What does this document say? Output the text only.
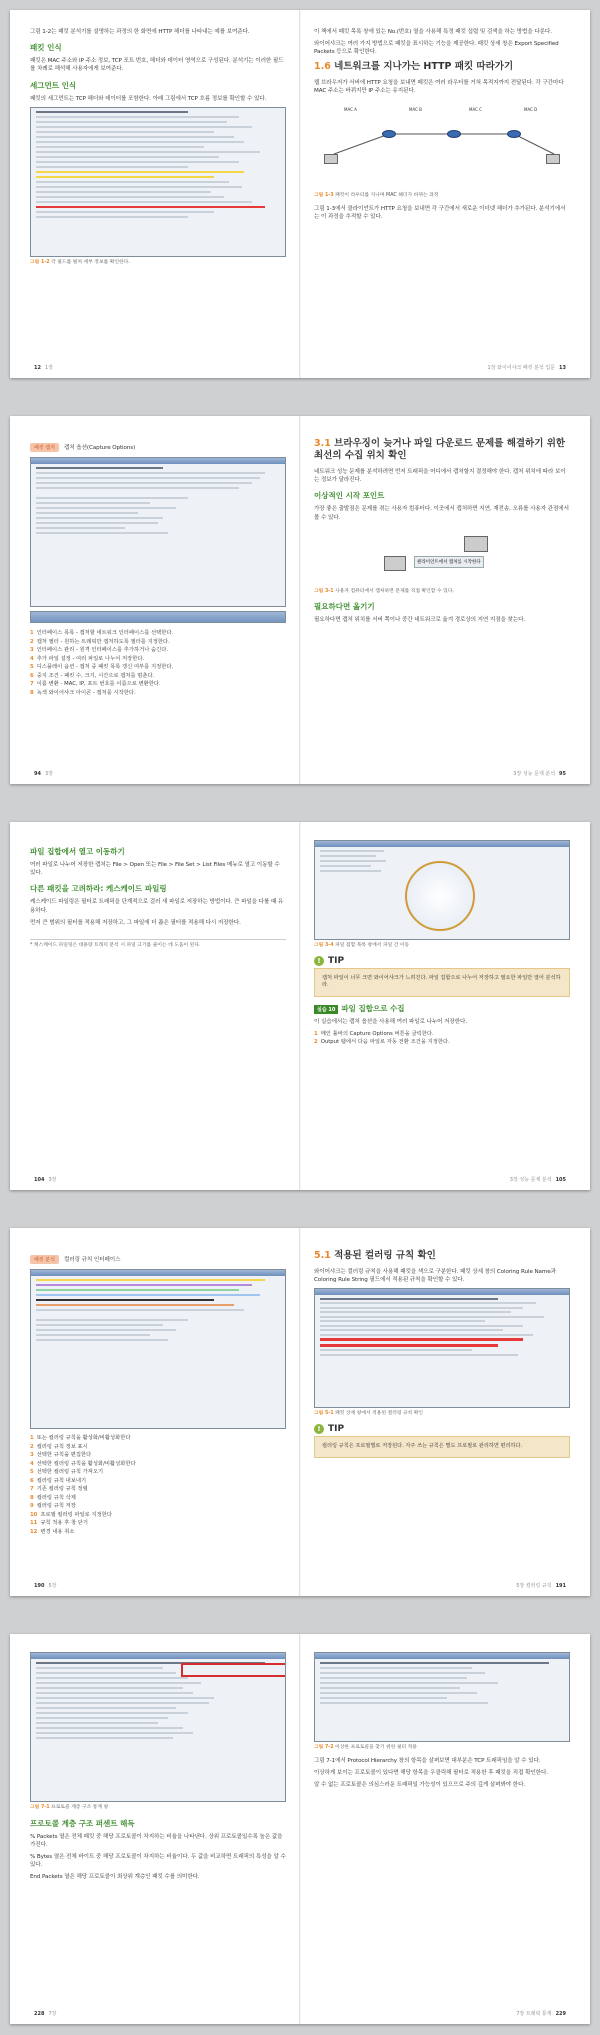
그림 1-2는 패킷 분석기를 설명하는 과정의 한 화면에 HTTP 헤더를 나타내는 예를 보여준다.
패킷 인식
패킷은 MAC 주소와 IP 주소 정보, TCP 포트 번호, 헤더와 데이터 영역으로 구성된다. 분석기는 이러한 필드를 차례로 해석해 사용자에게 보여준다.
세그먼트 인식
패킷의 세그먼트는 TCP 헤더와 데이터를 포함한다. 아래 그림에서 TCP 흐름 정보를 확인할 수 있다.
그림 1-2 각 필드를 펼쳐 세부 정보를 확인한다.
12 1장
이 책에서 패킷 목록 창에 있는 No.(번호) 열을 사용해 특정 패킷 섭렵 및 검색을 하는 방법을 다룬다.
와이어샤크는 여러 가지 방법으로 패킷을 표시하는 기능을 제공한다. 패킷 상세 창은 Export Specified Packets 등으로 확인한다.
1.6 네트워크를 지나가는 HTTP 패킷 따라가기
웹 브라우저가 서버에 HTTP 요청을 보내면 패킷은 여러 라우터를 거쳐 목적지까지 전달된다. 각 구간마다 MAC 주소는 바뀌지만 IP 주소는 유지된다.
MAC A	MAC B	MAC C	MAC D
그림 1-3 패킷이 라우터를 지나며 MAC 헤더가 바뀌는 과정
그림 1-3에서 클라이언트가 HTTP 요청을 보내면 각 구간에서 새로운 이더넷 헤더가 추가된다. 분석기에서는 이 과정을 추적할 수 있다.
1장 와이어샤크 패킷 분석 입문 13
패킷 캡처 캡처 옵션(Capture Options)
1 인터페이스 목록 - 캡처할 네트워크 인터페이스를 선택한다.
2 캡처 필터 - 원하는 트래픽만 캡처하도록 필터를 지정한다.
3 인터페이스 관리 - 원격 인터페이스를 추가하거나 숨긴다.
4 추가 파일 설정 - 여러 파일로 나누어 저장한다.
5 디스플레이 옵션 - 캡처 중 패킷 목록 갱신 여부를 지정한다.
6 중지 조건 - 패킷 수, 크기, 시간으로 캡처를 멈춘다.
7 이름 변환 - MAC, IP, 포트 번호를 이름으로 변환한다.
8 녹색 와이어샤크 아이콘 - 캡처를 시작한다.
94 3장
3.1 브라우징이 늦거나 파일 다운로드 문제를 해결하기 위한 최선의 수집 위치 확인
네트워크 성능 문제를 분석하려면 먼저 트래픽을 어디에서 캡처할지 결정해야 한다. 캡처 위치에 따라 보이는 정보가 달라진다.
이상적인 시작 포인트
가장 좋은 출발점은 문제를 겪는 사용자 컴퓨터다. 이곳에서 캡처하면 지연, 재전송, 오류를 사용자 관점에서 볼 수 있다.
클라이언트에서 캡처를 시작한다
그림 3-1 사용자 컴퓨터에서 캡처하면 문제를 직접 확인할 수 있다.
필요하다면 옮기기
필요하다면 캡처 위치를 서버 쪽이나 중간 네트워크로 옮겨 경로상의 지연 지점을 찾는다.
3장 성능 문제 분석 95
파일 집합에서 열고 이동하기
여러 파일로 나누어 저장한 캡처는 File > Open 또는 File > File Set > List Files 메뉴로 열고 이동할 수 있다.
다른 패킷을 고려하라: 케스케이드 파일링
케스케이드 파일링은 필터로 트래픽을 단계적으로 걸러 새 파일로 저장하는 방법이다. 큰 파일을 다룰 때 유용하다.
먼저 큰 범위의 필터를 적용해 저장하고, 그 파일에 더 좁은 필터를 적용해 다시 저장한다.
* 케스케이드 파일링은 대용량 트래픽 분석 시 파일 크기를 줄이는 데 도움이 된다.
104 3장
그림 3-4 파일 집합 목록 창에서 파일 간 이동
! TIP
캡처 파일이 너무 크면 와이어샤크가 느려진다. 파일 집합으로 나누어 저장하고 필요한 파일만 열어 분석하라.
실습 10 파일 집합으로 수집
이 실습에서는 캡처 옵션을 사용해 여러 파일로 나누어 저장한다.
1 메인 툴바의 Capture Options 버튼을 클릭한다.
2 Output 탭에서 다음 파일로 자동 전환 조건을 지정한다.
3장 성능 문제 분석 105
패킷 분석 컬러링 규칙 인터페이스
1 또는 컬러링 규칙을 활성화/비활성화한다
2 컬러링 규칙 정보 표시
3 선택한 규칙을 편집한다
4 선택한 컬러링 규칙을 활성화/비활성화한다
5 선택한 컬러링 규칙 가져오기
6 컬러링 규칙 내보내기
7 기존 컬러링 규칙 정렬
8 컬러링 규칙 삭제
9 컬러링 규칙 저장
10 프로필 컬러링 파일로 지정한다
11 규칙 적용 후 창 닫기
12 변경 내용 취소
190 5장
5.1 적용된 컬러링 규칙 확인
와이어샤크는 컬러링 규칙을 사용해 패킷을 색으로 구분한다. 패킷 상세 창의 Coloring Rule Name과 Coloring Rule String 필드에서 적용된 규칙을 확인할 수 있다.
그림 5-1 패킷 상세 창에서 적용된 컬러링 규칙 확인
! TIP
컬러링 규칙은 프로필별로 저장된다. 자주 쓰는 규칙은 별도 프로필로 관리하면 편리하다.
5장 컬러링 규칙 191
그림 7-1 프로토콜 계층 구조 통계 창
프로토콜 계층 구조 퍼센트 해독
% Packets 열은 전체 패킷 중 해당 프로토콜이 차지하는 비율을 나타낸다. 상위 프로토콜일수록 높은 값을 가진다.
% Bytes 열은 전체 바이트 중 해당 프로토콜이 차지하는 비율이다. 두 값을 비교하면 트래픽의 특성을 알 수 있다.
End Packets 열은 해당 프로토콜이 최상위 계층인 패킷 수를 의미한다.
228 7장
그림 7-2 이상한 프로토콜을 찾기 위한 필터 적용
그림 7-1에서 Protocol Hierarchy 창의 항목을 살펴보면 대부분은 TCP 트래픽임을 알 수 있다.
이상하게 보이는 프로토콜이 있다면 해당 항목을 우클릭해 필터로 적용한 후 패킷을 직접 확인한다.
알 수 없는 프로토콜은 의심스러운 트래픽일 가능성이 있으므로 주의 깊게 살펴봐야 한다.
7장 트래픽 통계 229
